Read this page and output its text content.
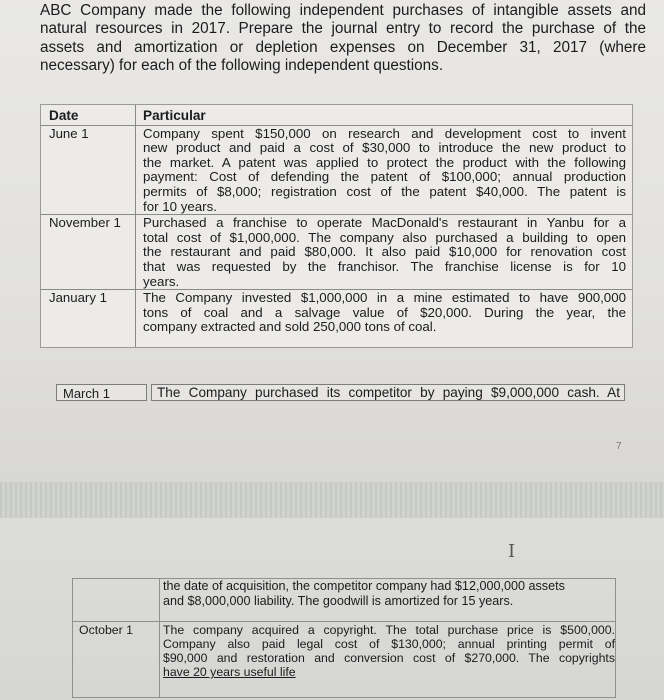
ABC Company made the following independent purchases of intangible assets and
natural resources in 2017. Prepare the journal entry to record the purchase of the
assets and amortization or depletion expenses on December 31, 2017 (where
necessary) for each of the following independent questions.
Date	Particular
June 1	Company spent $150,000 on research and development cost to invent
new product and paid a cost of $30,000 to introduce the new product to
the market. A patent was applied to protect the product with the following
payment: Cost of defending the patent of $100,000; annual production
permits of $8,000; registration cost of the patent $40,000. The patent is
for 10 years.
November 1	Purchased a franchise to operate MacDonald's restaurant in Yanbu for a
total cost of $1,000,000. The company also purchased a building to open
the restaurant and paid $80,000. It also paid $10,000 for renovation cost
that was requested by the franchisor. The franchise license is for 10
years.
January 1	The Company invested $1,000,000 in a mine estimated to have 900,000
tons of coal and a salvage value of $20,000. During the year, the
company extracted and sold 250,000 tons of coal.
March 1	The Company purchased its competitor by paying $9,000,000 cash. At
7
I
the date of acquisition, the competitor company had $12,000,000 assets
and $8,000,000 liability. The goodwill is amortized for 15 years.
October 1 The company acquired a copyright. The total purchase price is $500,000.
Company also paid legal cost of $130,000; annual printing permit of
$90,000 and restoration and conversion cost of $270,000. The copyrights
have 20 years useful life
